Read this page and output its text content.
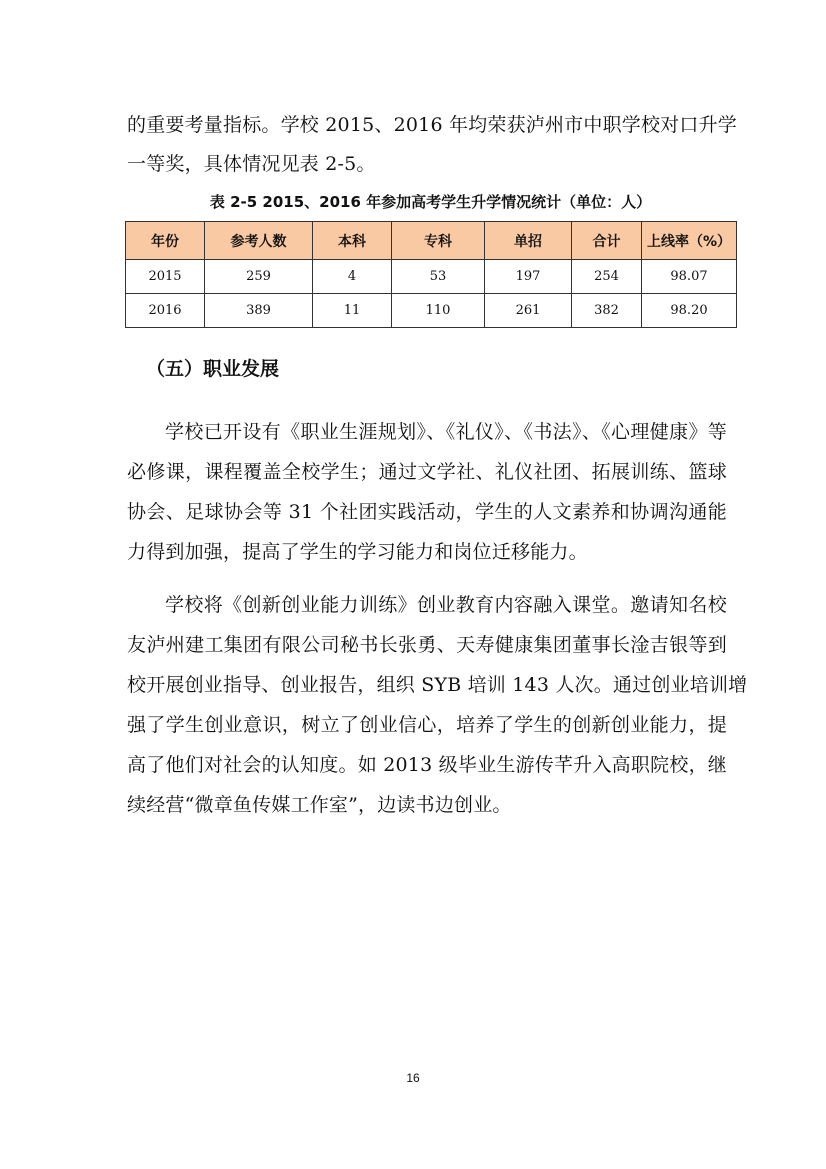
的重要考量指标。学校 2015、2016 年均荣获泸州市中职学校对口升学
一等奖，具体情况见表 2-5。
表 2-5 2015、2016 年参加高考学生升学情况统计（单位：人）
年份	参考人数	本科	专科	单招	合计	上线率（%）
2015	259	4	53	197	254	98.07
2016	389	11	110	261	382	98.20
（五）职业发展
学校已开设有《职业生涯规划》、《礼仪》、《书法》、《心理健康》等
必修课，课程覆盖全校学生；通过文学社、礼仪社团、拓展训练、篮球
协会、足球协会等 31 个社团实践活动，学生的人文素养和协调沟通能
力得到加强，提高了学生的学习能力和岗位迁移能力。
学校将《创新创业能力训练》创业教育内容融入课堂。邀请知名校
友泸州建工集团有限公司秘书长张勇、天寿健康集团董事长淦吉银等到
校开展创业指导、创业报告，组织 SYB 培训 143 人次。通过创业培训增
强了学生创业意识，树立了创业信心，培养了学生的创新创业能力，提
高了他们对社会的认知度。如 2013 级毕业生游传芊升入高职院校，继
续经营“微章鱼传媒工作室”，边读书边创业。
16
